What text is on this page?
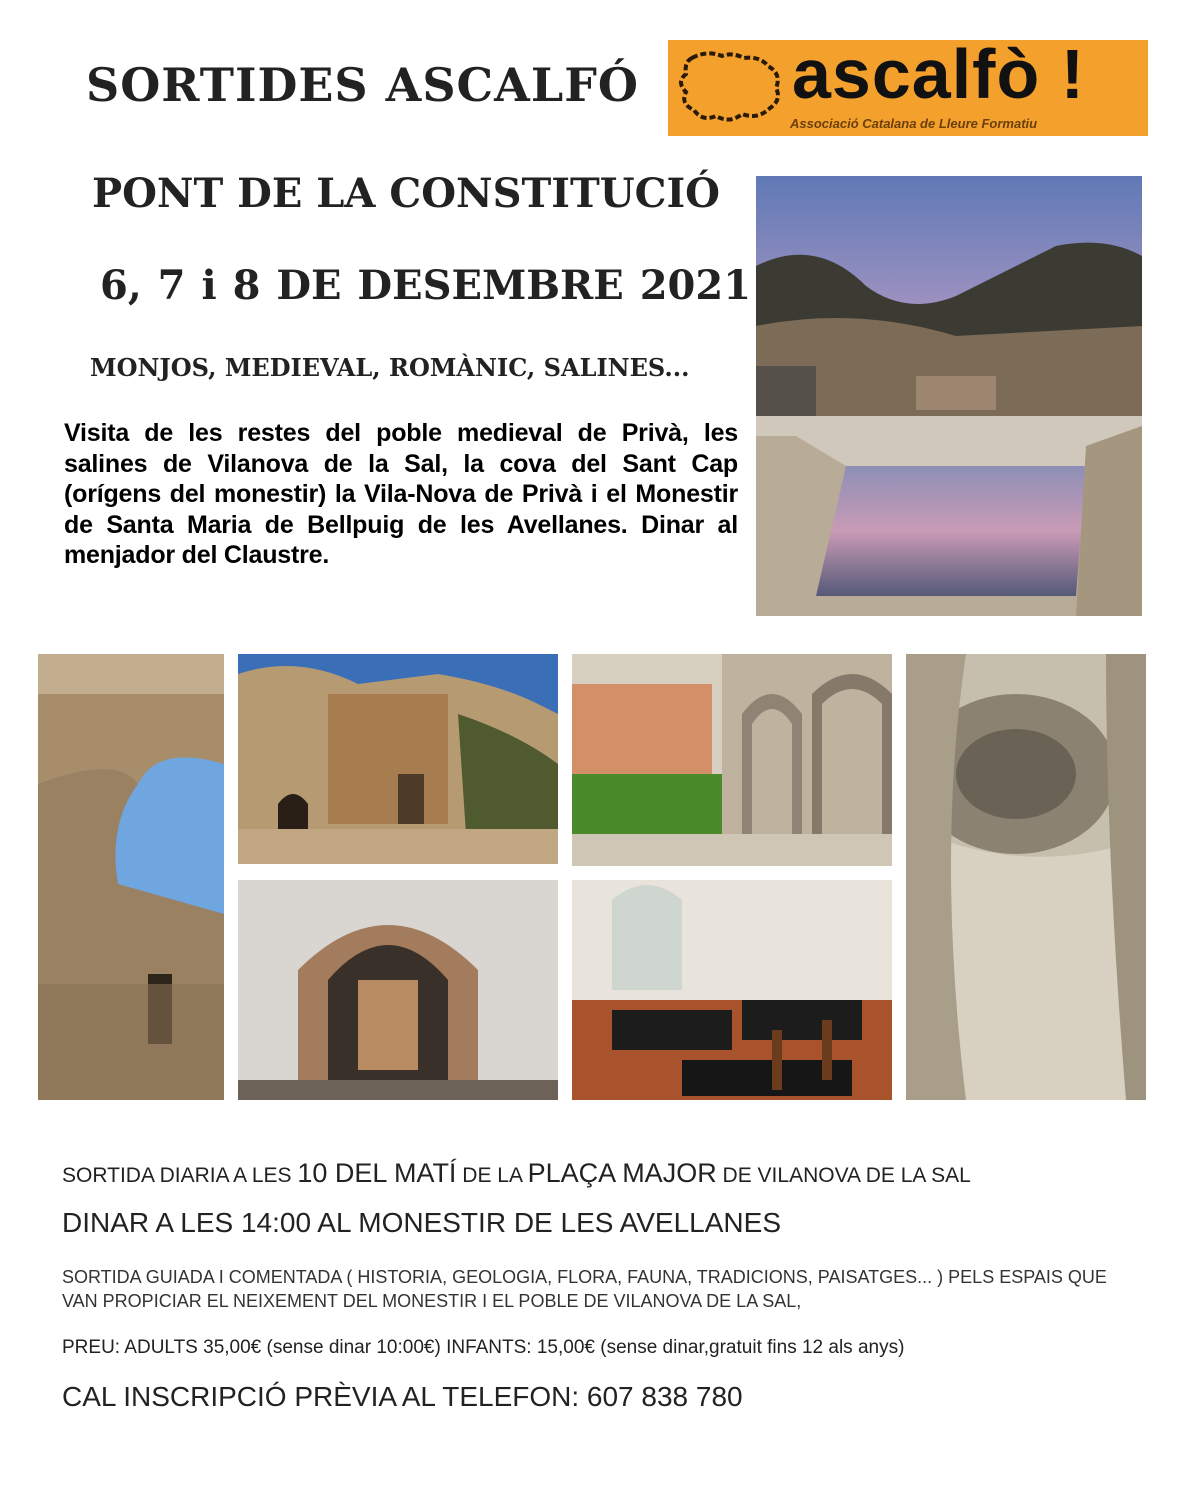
SORTIDES ASCALFÓ ascalfò !
Associació Catalana de Lleure Formatiu
PONT DE LA CONSTITUCIÓ
6, 7 i 8 DE DESEMBRE 2021
MONJOS, MEDIEVAL, ROMÀNIC, SALINES...
Visita de les restes del poble medieval de Privà, les salines de Vilanova de la Sal, la cova del Sant Cap (orígens del monestir) la Vila-Nova de Privà i el Monestir de Santa Maria de Bellpuig de les Avellanes. Dinar al menjador del Claustre.
SORTIDA DIARIA A LES 10 DEL MATÍ DE LA PLAÇA MAJOR DE VILANOVA DE LA SAL
DINAR A LES 14:00 AL MONESTIR DE LES AVELLANES
SORTIDA GUIADA I COMENTADA ( HISTORIA, GEOLOGIA, FLORA, FAUNA, TRADICIONS, PAISATGES... ) PELS ESPAIS QUE VAN PROPICIAR EL NEIXEMENT DEL MONESTIR I EL POBLE DE VILANOVA DE LA SAL,
PREU: ADULTS 35,00€ (sense dinar 10:00€) INFANTS: 15,00€ (sense dinar,gratuit fins 12 als anys)
CAL INSCRIPCIÓ PRÈVIA AL TELEFON: 607 838 780
